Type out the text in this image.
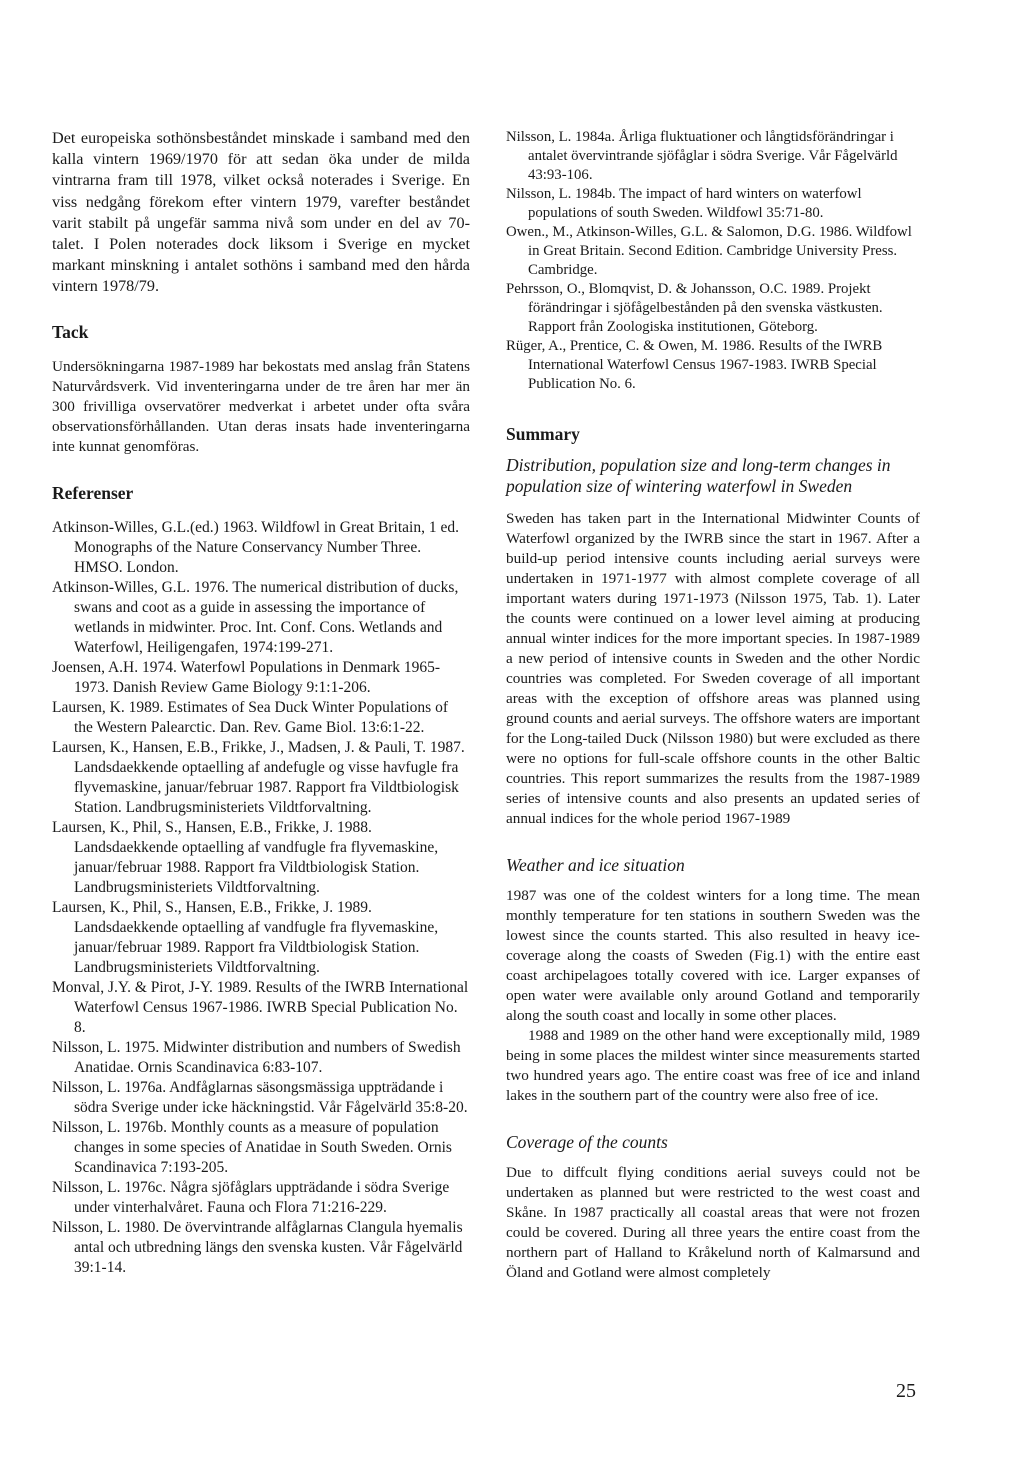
Det europeiska sothönsbeståndet minskade i samband med den kalla vintern 1969/1970 för att sedan öka under de milda vintrarna fram till 1978, vilket också noterades i Sverige. En viss nedgång förekom efter vintern 1979, varefter beståndet varit stabilt på ungefär samma nivå som under en del av 70-talet. I Polen noterades dock liksom i Sverige en mycket markant minskning i antalet sothöns i samband med den hårda vintern 1978/79.

Tack

Undersökningarna 1987-1989 har bekostats med anslag från Statens Naturvårdsverk. Vid inventeringarna under de tre åren har mer än 300 frivilliga ovservatörer medverkat i arbetet under ofta svåra observationsförhållanden. Utan deras insats hade inventeringarna inte kunnat genomföras.

Referenser

Atkinson-Willes, G.L.(ed.) 1963. Wildfowl in Great Britain, 1 ed. Monographs of the Nature Conservancy Number Three. HMSO. London.

Atkinson-Willes, G.L. 1976. The numerical distribution of ducks, swans and coot as a guide in assessing the importance of wetlands in midwinter. Proc. Int. Conf. Cons. Wetlands and Waterfowl, Heiligengafen, 1974:199-271.

Joensen, A.H. 1974. Waterfowl Populations in Denmark 1965-1973. Danish Review Game Biology 9:1:1-206.

Laursen, K. 1989. Estimates of Sea Duck Winter Populations of the Western Palearctic. Dan. Rev. Game Biol. 13:6:1-22.

Laursen, K., Hansen, E.B., Frikke, J., Madsen, J. & Pauli, T. 1987. Landsdaekkende optaelling af andefugle og visse havfugle fra flyvemaskine, januar/februar 1987. Rapport fra Vildtbiologisk Station. Landbrugsministeriets Vildtforvaltning.

Laursen, K., Phil, S., Hansen, E.B., Frikke, J. 1988. Landsdaekkende optaelling af vandfugle fra flyvemaskine, januar/februar 1988. Rapport fra Vildtbiologisk Station. Landbrugsministeriets Vildtforvaltning.

Laursen, K., Phil, S., Hansen, E.B., Frikke, J. 1989. Landsdaekkende optaelling af vandfugle fra flyvemaskine, januar/februar 1989. Rapport fra Vildtbiologisk Station. Landbrugsministeriets Vildtforvaltning.

Monval, J.Y. & Pirot, J-Y. 1989. Results of the IWRB International Waterfowl Census 1967-1986. IWRB Special Publication No. 8.

Nilsson, L. 1975. Midwinter distribution and numbers of Swedish Anatidae. Ornis Scandinavica 6:83-107.

Nilsson, L. 1976a. Andfåglarnas säsongsmässiga uppträdande i södra Sverige under icke häckningstid. Vår Fågelvärld 35:8-20.

Nilsson, L. 1976b. Monthly counts as a measure of population changes in some species of Anatidae in South Sweden. Ornis Scandinavica 7:193-205.

Nilsson, L. 1976c. Några sjöfåglars uppträdande i södra Sverige under vinterhalvåret. Fauna och Flora 71:216-229.

Nilsson, L. 1980. De övervintrande alfåglarnas Clangula hyemalis antal och utbredning längs den svenska kusten. Vår Fågelvärld 39:1-14.

Nilsson, L. 1984a. Årliga fluktuationer och långtidsförändringar i antalet övervintrande sjöfåglar i södra Sverige. Vår Fågelvärld 43:93-106.

Nilsson, L. 1984b. The impact of hard winters on waterfowl populations of south Sweden. Wildfowl 35:71-80.

Owen., M., Atkinson-Willes, G.L. & Salomon, D.G. 1986. Wildfowl in Great Britain. Second Edition. Cambridge University Press. Cambridge.

Pehrsson, O., Blomqvist, D. & Johansson, O.C. 1989. Projekt förändringar i sjöfågelbestånden på den svenska västkusten. Rapport från Zoologiska institutionen, Göteborg.

Rüger, A., Prentice, C. & Owen, M. 1986. Results of the IWRB International Waterfowl Census 1967-1983. IWRB Special Publication No. 6.

Summary

Distribution, population size and long-term changes in population size of wintering waterfowl in Sweden

Sweden has taken part in the International Midwinter Counts of Waterfowl organized by the IWRB since the start in 1967. After a build-up period intensive counts including aerial surveys were undertaken in 1971-1977 with almost complete coverage of all important waters during 1971-1973 (Nilsson 1975, Tab. 1). Later the counts were continued on a lower level aiming at producing annual winter indices for the more important species. In 1987-1989 a new period of intensive counts in Sweden and the other Nordic countries was completed. For Sweden coverage of all important areas with the exception of offshore areas was planned using ground counts and aerial surveys. The offshore waters are important for the Long-tailed Duck (Nilsson 1980) but were excluded as there were no options for full-scale offshore counts in the other Baltic countries. This report summarizes the results from the 1987-1989 series of intensive counts and also presents an updated series of annual indices for the whole period 1967-1989

Weather and ice situation

1987 was one of the coldest winters for a long time. The mean monthly temperature for ten stations in southern Sweden was the lowest since the counts started. This also resulted in heavy ice-coverage along the coasts of Sweden (Fig.1) with the entire east coast archipelagoes totally covered with ice. Larger expanses of open water were available only around Gotland and temporarily along the south coast and locally in some other places.

1988 and 1989 on the other hand were exceptionally mild, 1989 being in some places the mildest winter since measurements started two hundred years ago. The entire coast was free of ice and inland lakes in the southern part of the country were also free of ice.

Coverage of the counts

Due to diffcult flying conditions aerial suveys could not be undertaken as planned but were restricted to the west coast and Skåne. In 1987 practically all coastal areas that were not frozen could be covered. During all three years the entire coast from the northern part of Halland to Kråkelund north of Kalmarsund and Öland and Gotland were almost completely

25
